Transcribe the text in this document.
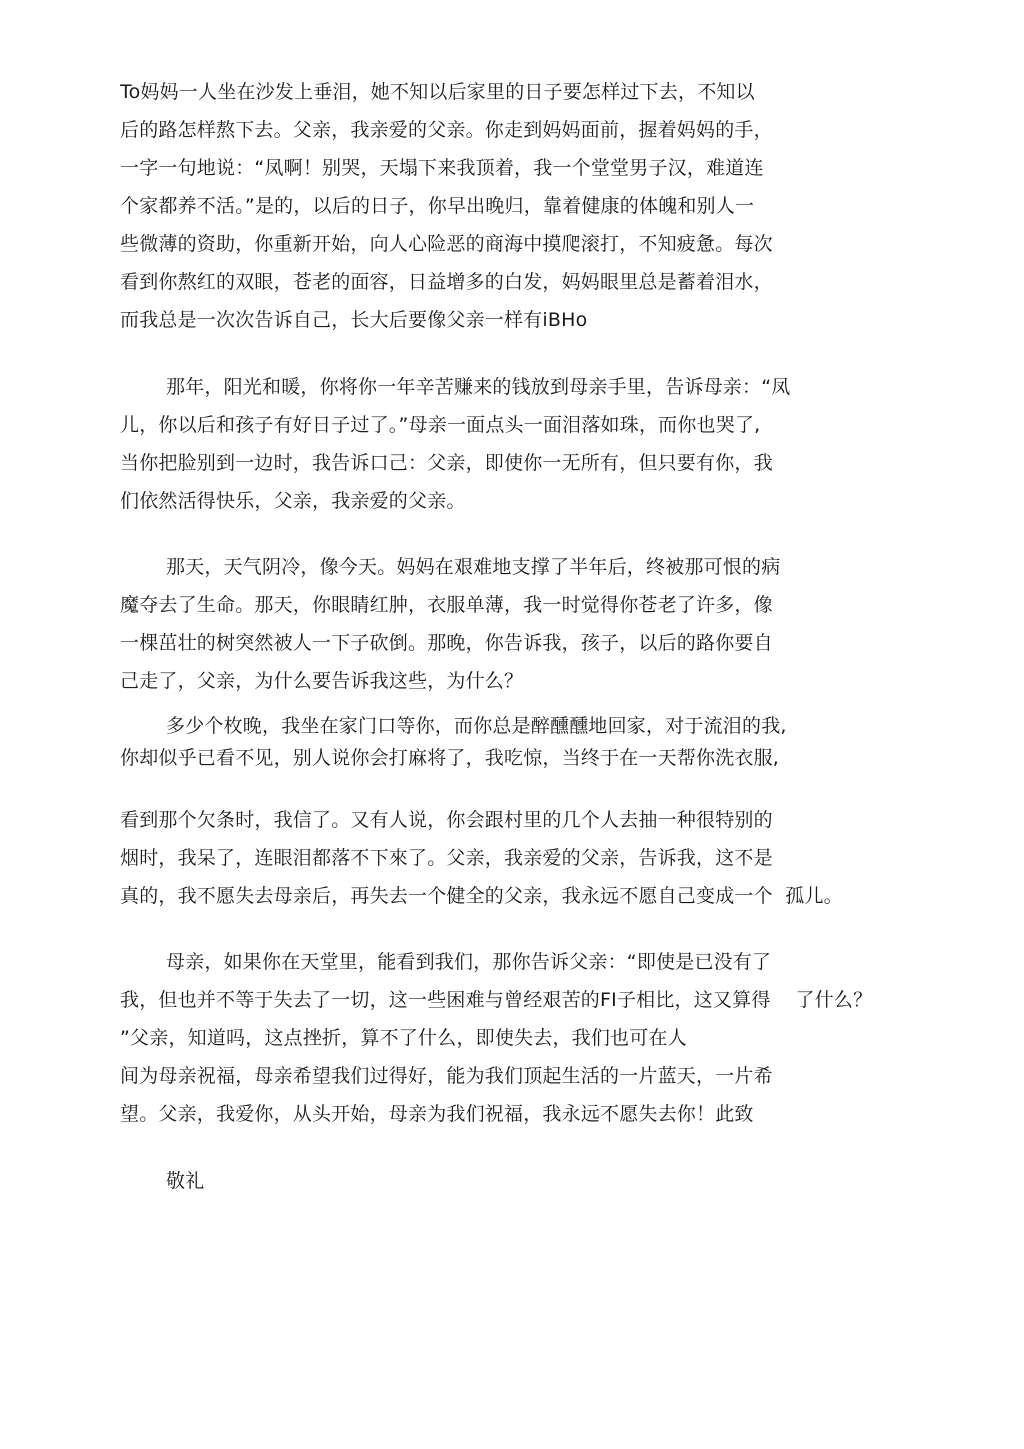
To妈妈一人坐在沙发上垂泪，她不知以后家里的日子要怎样过下去，不知以
后的路怎样熬下去。父亲，我亲爱的父亲。你走到妈妈面前，握着妈妈的手，
一字一句地说：“凤啊！别哭，天塌下来我顶着，我一个堂堂男子汉，难道连
个家都养不活。”是的，以后的日子，你早出晚归，靠着健康的体魄和别人一
些微薄的资助，你重新开始，向人心险恶的商海中摸爬滚打，不知疲惫。每次
看到你熬红的双眼，苍老的面容，日益增多的白发，妈妈眼里总是蓄着泪水，
而我总是一次次告诉自己，长大后要像父亲一样有iBHo
那年，阳光和暖，你将你一年辛苦赚来的钱放到母亲手里，告诉母亲：“凤
儿，你以后和孩子有好日子过了。”母亲一面点头一面泪落如珠，而你也哭了,
当你把脸别到一边时，我告诉口己：父亲，即使你一无所有，但只要有你，我
们依然活得快乐，父亲，我亲爱的父亲。
那天，天气阴冷，像今天。妈妈在艰难地支撑了半年后，终被那可恨的病
魔夺去了生命。那天，你眼睛红肿，衣服单薄，我一时觉得你苍老了许多，像
一棵茁壮的树突然被人一下子砍倒。那晚，你告诉我，孩子，以后的路你要自
己走了，父亲，为什么要告诉我这些，为什么？
多少个枚晚，我坐在家门口等你，而你总是醉醺醺地回家，对于流泪的我,
你却似乎已看不见，别人说你会打麻将了，我吃惊，当终于在一天帮你洗衣服,
看到那个欠条时，我信了。又有人说，你会跟村里的几个人去抽一种很特别的
烟时，我呆了，连眼泪都落不下來了。父亲，我亲爱的父亲，告诉我，这不是
真的，我不愿失去母亲后，再失去一个健全的父亲，我永远不愿自己变成一个  孤儿。
母亲，如果你在天堂里，能看到我们，那你告诉父亲：“即使是已没有了
我，但也并不等于失去了一切，这一些困难与曾经艰苦的FI子相比，这又算得    了什么？
”父亲，知道吗，这点挫折，算不了什么，即使失去，我们也可在人
间为母亲祝福，母亲希望我们过得好，能为我们顶起生活的一片蓝天，一片希
望。父亲，我爱你，从头开始，母亲为我们祝福，我永远不愿失去你！此致
敬礼
